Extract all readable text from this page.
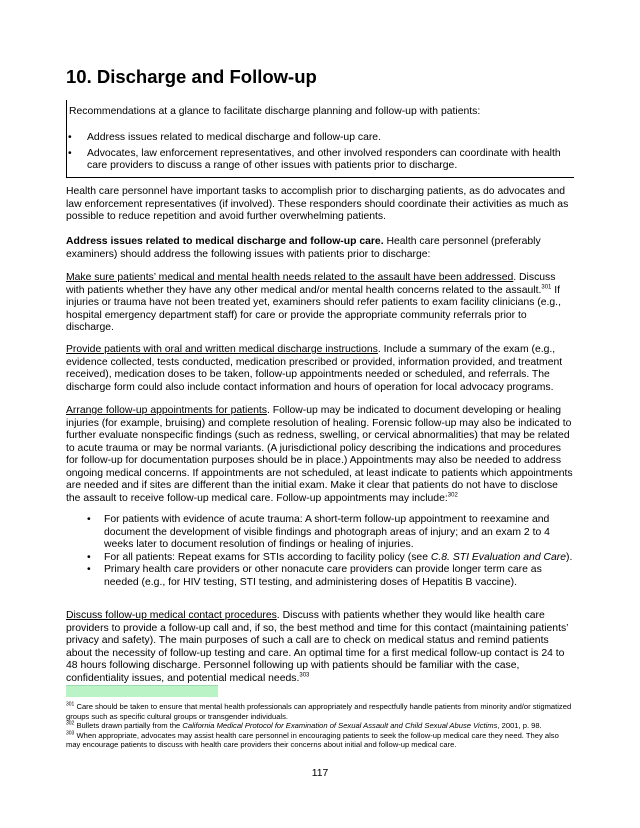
10. Discharge and Follow-up
Recommendations at a glance to facilitate discharge planning and follow-up with patients:
• Address issues related to medical discharge and follow-up care.
• Advocates, law enforcement representatives, and other involved responders can coordinate with health care providers to discuss a range of other issues with patients prior to discharge.

Health care personnel have important tasks to accomplish prior to discharging patients, as do advocates and law enforcement representatives (if involved). These responders should coordinate their activities as much as possible to reduce repetition and avoid further overwhelming patients.

Address issues related to medical discharge and follow-up care. Health care personnel (preferably examiners) should address the following issues with patients prior to discharge:

Make sure patients’ medical and mental health needs related to the assault have been addressed. Discuss with patients whether they have any other medical and/or mental health concerns related to the assault.$^{301}$ If injuries or trauma have not been treated yet, examiners should refer patients to exam facility clinicians (e.g., hospital emergency department staff) for care or provide the appropriate community referrals prior to discharge.

Provide patients with oral and written medical discharge instructions. Include a summary of the exam (e.g., evidence collected, tests conducted, medication prescribed or provided, information provided, and treatment received), medication doses to be taken, follow-up appointments needed or scheduled, and referrals. The discharge form could also include contact information and hours of operation for local advocacy programs.

Arrange follow-up appointments for patients. Follow-up may be indicated to document developing or healing injuries (for example, bruising) and complete resolution of healing. Forensic follow-up may also be indicated to further evaluate nonspecific findings (such as redness, swelling, or cervical abnormalities) that may be related to acute trauma or may be normal variants. (A jurisdictional policy describing the indications and procedures for follow-up for documentation purposes should be in place.) Appointments may also be needed to address ongoing medical concerns. If appointments are not scheduled, at least indicate to patients which appointments are needed and if sites are different than the initial exam. Make it clear that patients do not have to disclose the assault to receive follow-up medical care. Follow-up appointments may include:$^{302}$

• For patients with evidence of acute trauma: A short-term follow-up appointment to reexamine and document the development of visible findings and photograph areas of injury; and an exam 2 to 4 weeks later to document resolution of findings or healing of injuries.
• For all patients: Repeat exams for STIs according to facility policy (see C.8. STI Evaluation and Care).
• Primary health care providers or other nonacute care providers can provide longer term care as needed (e.g., for HIV testing, STI testing, and administering doses of Hepatitis B vaccine).

Discuss follow-up medical contact procedures. Discuss with patients whether they would like health care providers to provide a follow-up call and, if so, the best method and time for this contact (maintaining patients’ privacy and safety). The main purposes of such a call are to check on medical status and remind patients about the necessity of follow-up testing and care. An optimal time for a first medical follow-up contact is 24 to 48 hours following discharge. Personnel following up with patients should be familiar with the case, confidentiality issues, and potential medical needs.$^{303}$

$^{301}$ Care should be taken to ensure that mental health professionals can appropriately and respectfully handle patients from minority and/or stigmatized groups such as specific cultural groups or transgender individuals.

$^{302}$ Bullets drawn partially from the California Medical Protocol for Examination of Sexual Assault and Child Sexual Abuse Victims, 2001, p. 98.

$^{303}$ When appropriate, advocates may assist health care personnel in encouraging patients to seek the follow-up medical care they need. They also may encourage patients to discuss with health care providers their concerns about initial and follow-up medical care.

117
